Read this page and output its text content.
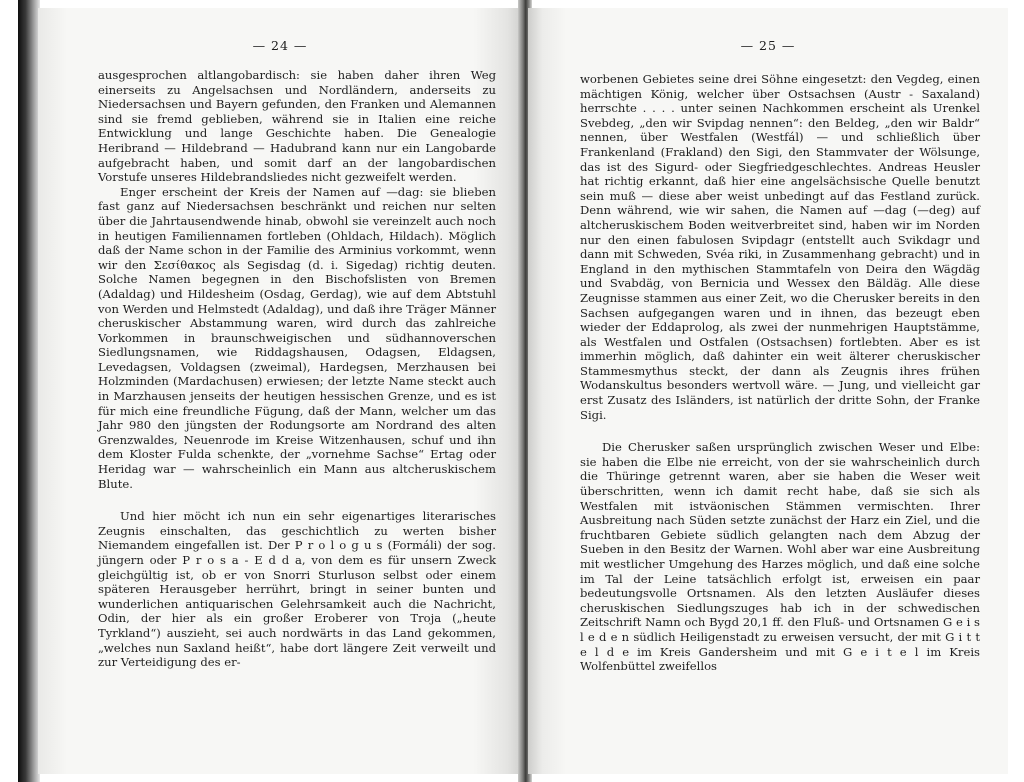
— 24 —

ausgesprochen altlangobardisch: sie haben daher ihren Weg einerseits zu Angelsachsen und Nordländern, anderseits zu Niedersachsen und Bayern gefunden, den Franken und Alemannen sind sie fremd geblieben, während sie in Italien eine reiche Entwicklung und lange Geschichte haben. Die Genealogie Heribrand — Hildebrand — Hadubrand kann nur ein Langobarde aufgebracht haben, und somit darf an der langobardischen Vorstufe unseres Hildebrandsliedes nicht gezweifelt werden.

Enger erscheint der Kreis der Namen auf —dag: sie blieben fast ganz auf Niedersachsen beschränkt und reichen nur selten über die Jahrtausendwende hinab, obwohl sie vereinzelt auch noch in heutigen Familiennamen fortleben (Ohldach, Hildach). Möglich daß der Name schon in der Familie des Arminius vorkommt, wenn wir den Σεσίθακος als Segisdag (d. i. Sigedag) richtig deuten. Solche Namen begegnen in den Bischofslisten von Bremen (Adaldag) und Hildesheim (Osdag, Gerdag), wie auf dem Abtstuhl von Werden und Helmstedt (Adaldag), und daß ihre Träger Männer cheruskischer Abstammung waren, wird durch das zahlreiche Vorkommen in braunschweigischen und südhannoverschen Siedlungsnamen, wie Riddagshausen, Odagsen, Eldagsen, Levedagsen, Voldagsen (zweimal), Hardegsen, Merzhausen bei Holzminden (Mardachusen) erwiesen; der letzte Name steckt auch in Marzhausen jenseits der heutigen hessischen Grenze, und es ist für mich eine freundliche Fügung, daß der Mann, welcher um das Jahr 980 den jüngsten der Rodungsorte am Nordrand des alten Grenzwaldes, Neuenrode im Kreise Witzenhausen, schuf und ihn dem Kloster Fulda schenkte, der „vornehme Sachse“ Ertag oder Heridag war — wahrscheinlich ein Mann aus altcheruskischem Blute.

Und hier möcht ich nun ein sehr eigenartiges literarisches Zeugnis einschalten, das geschichtlich zu werten bisher Niemandem eingefallen ist. Der P r o l o g u s (Formáli) der sog. jüngern oder P r o s a - E d d a, von dem es für unsern Zweck gleichgültig ist, ob er von Snorri Sturluson selbst oder einem späteren Herausgeber herrührt, bringt in seiner bunten und wunderlichen antiquarischen Gelehrsamkeit auch die Nachricht, Odin, der hier als ein großer Eroberer von Troja („heute Tyrkland“) auszieht, sei auch nordwärts in das Land gekommen, „welches nun Saxland heißt“, habe dort längere Zeit verweilt und zur Verteidigung des er-

— 25 —

worbenen Gebietes seine drei Söhne eingesetzt: den Vegdeg, einen mächtigen König, welcher über Ostsachsen (Austr - Saxaland) herrschte . . . . unter seinen Nachkommen erscheint als Urenkel Svebdeg, „den wir Svipdag nennen“: den Beldeg, „den wir Baldr“ nennen, über Westfalen (Westfál) — und schließlich über Frankenland (Frakland) den Sigi, den Stammvater der Wölsunge, das ist des Sigurd- oder Siegfriedgeschlechtes. Andreas Heusler hat richtig erkannt, daß hier eine angelsächsische Quelle benutzt sein muß — diese aber weist unbedingt auf das Festland zurück. Denn während, wie wir sahen, die Namen auf —dag (—deg) auf altcheruskischem Boden weitverbreitet sind, haben wir im Norden nur den einen fabulosen Svipdagr (entstellt auch Svikdagr und dann mit Schweden, Svéa riki, in Zusammenhang gebracht) und in England in den mythischen Stammtafeln von Deira den Wägdäg und Svabdäg, von Bernicia und Wessex den Bäldäg. Alle diese Zeugnisse stammen aus einer Zeit, wo die Cherusker bereits in den Sachsen aufgegangen waren und in ihnen, das bezeugt eben wieder der Eddaprolog, als zwei der nunmehrigen Hauptstämme, als Westfalen und Ostfalen (Ostsachsen) fortlebten. Aber es ist immerhin möglich, daß dahinter ein weit älterer cheruskischer Stammesmythus steckt, der dann als Zeugnis ihres frühen Wodanskultus besonders wertvoll wäre. — Jung, und vielleicht gar erst Zusatz des Isländers, ist natürlich der dritte Sohn, der Franke Sigi.

Die Cherusker saßen ursprünglich zwischen Weser und Elbe: sie haben die Elbe nie erreicht, von der sie wahrscheinlich durch die Thüringe getrennt waren, aber sie haben die Weser weit überschritten, wenn ich damit recht habe, daß sie sich als Westfalen mit istväonischen Stämmen vermischten. Ihrer Ausbreitung nach Süden setzte zunächst der Harz ein Ziel, und die fruchtbaren Gebiete südlich gelangten nach dem Abzug der Sueben in den Besitz der Warnen. Wohl aber war eine Ausbreitung mit westlicher Umgehung des Harzes möglich, und daß eine solche im Tal der Leine tatsächlich erfolgt ist, erweisen ein paar bedeutungsvolle Ortsnamen. Als den letzten Ausläufer dieses cheruskischen Siedlungszuges hab ich in der schwedischen Zeitschrift Namn och Bygd 20,1 ff. den Fluß- und Ortsnamen G e i s l e d e n südlich Heiligenstadt zu erweisen versucht, der mit G i t t e l d e im Kreis Gandersheim und mit G e i t e l im Kreis Wolfenbüttel zweifellos
